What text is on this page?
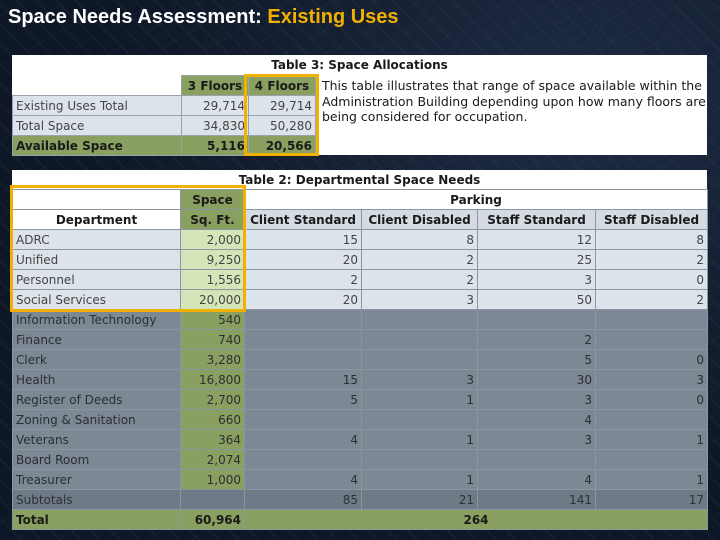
Space Needs Assessment: Existing Uses
Table 3: Space Allocations
	3 Floors	4 Floors
Existing Uses Total	29,714	29,714
Total Space	34,830	50,280
Available Space	5,116	20,566
This table illustrates that range of space available within the Administration Building depending upon how many floors are being considered for occupation.
Table 2: Departmental Space Needs
	Space	Parking			
Department	Sq. Ft.	Client Standard	Client Disabled	Staff Standard	Staff Disabled
ADRC	2,000	15	8	12	8
Unified	9,250	20	2	25	2
Personnel	1,556	2	2	3	0
Social Services	20,000	20	3	50	2
Information Technology	540				
Finance	740			2	
Clerk	3,280			5	0
Health	16,800	15	3	30	3
Register of Deeds	2,700	5	1	3	0
Zoning & Sanitation	660			4	
Veterans	364	4	1	3	1
Board Room	2,074				
Treasurer	1,000	4	1	4	1
Subtotals		85	21	141	17
Total	60,964	264			
